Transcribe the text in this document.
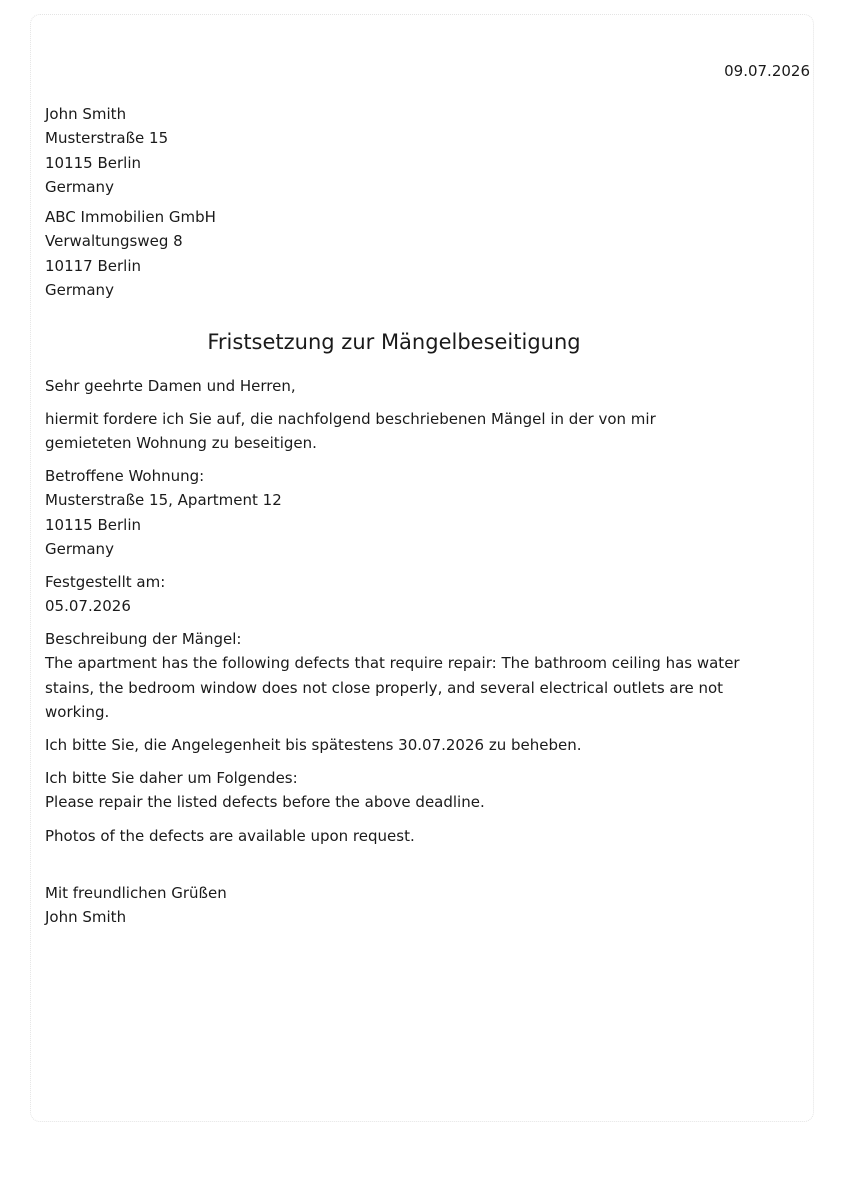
09.07.2026
John Smith
Musterstraße 15
10115 Berlin
Germany
ABC Immobilien GmbH
Verwaltungsweg 8
10117 Berlin
Germany
Fristsetzung zur Mängelbeseitigung
Sehr geehrte Damen und Herren,
hiermit fordere ich Sie auf, die nachfolgend beschriebenen Mängel in der von mir gemieteten Wohnung zu beseitigen.
Betroffene Wohnung:
Musterstraße 15, Apartment 12
10115 Berlin
Germany
Festgestellt am:
05.07.2026
Beschreibung der Mängel:
The apartment has the following defects that require repair: The bathroom ceiling has water stains, the bedroom window does not close properly, and several electrical outlets are not working.
Ich bitte Sie, die Angelegenheit bis spätestens 30.07.2026 zu beheben.
Ich bitte Sie daher um Folgendes:
Please repair the listed defects before the above deadline.
Photos of the defects are available upon request.
Mit freundlichen Grüßen
John Smith
